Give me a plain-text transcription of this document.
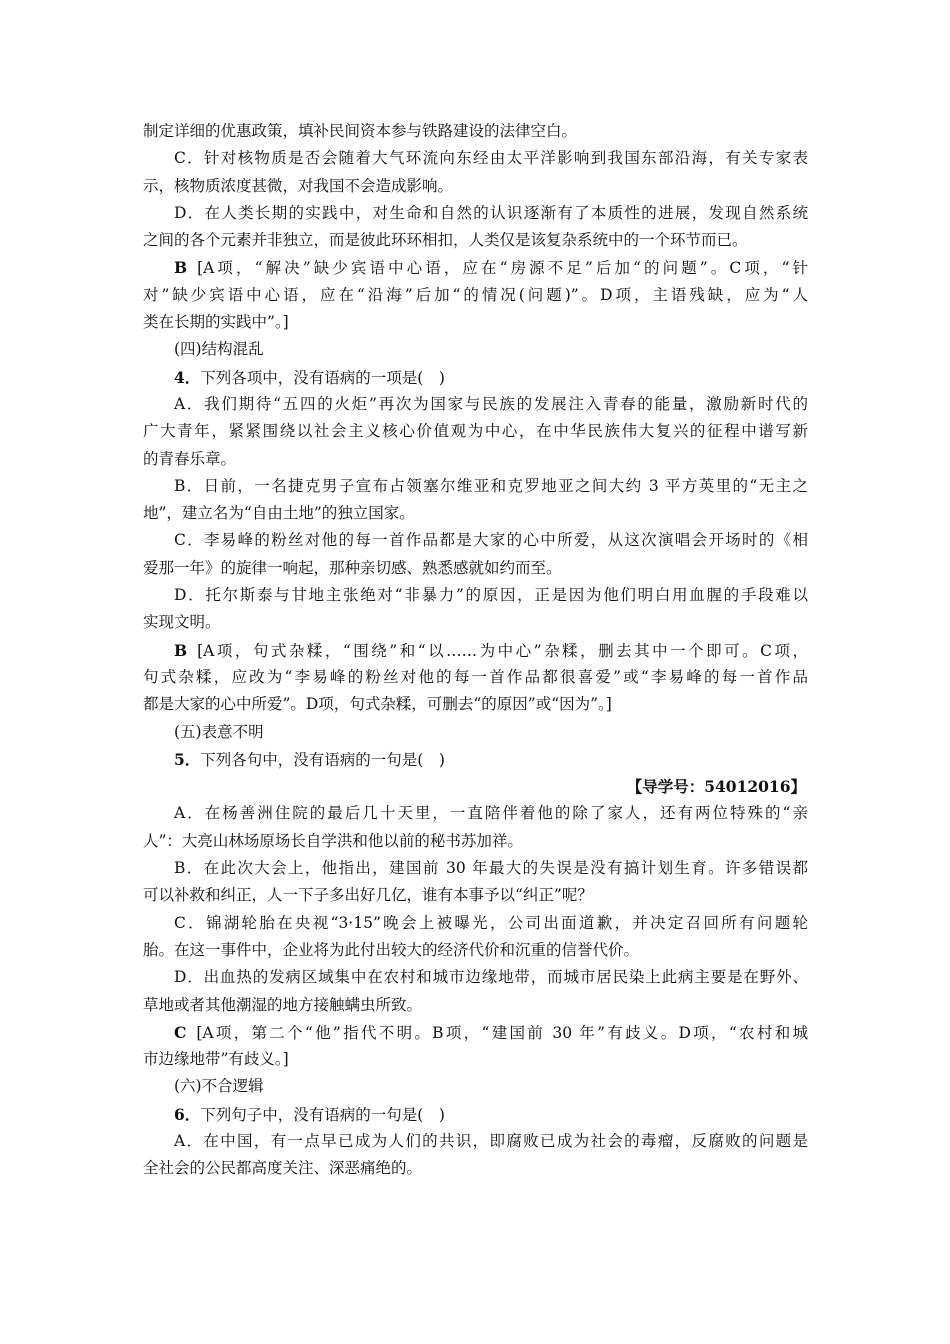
制定详细的优惠政策，填补民间资本参与铁路建设的法律空白。
C．针对核物质是否会随着大气环流向东经由太平洋影响到我国东部沿海，有关专家表
示，核物质浓度甚微，对我国不会造成影响。
D．在人类长期的实践中，对生命和自然的认识逐渐有了本质性的进展，发现自然系统
之间的各个元素并非独立，而是彼此环环相扣，人类仅是该复杂系统中的一个环节而已。
B [A项，“解决”缺少宾语中心语，应在“房源不足”后加“的问题”。C项，“针
对”缺少宾语中心语，应在“沿海”后加“的情况(问题)”。D项，主语残缺，应为“人
类在长期的实践中”。]
(四)结构混乱
4．下列各项中，没有语病的一项是(　)
A．我们期待“五四的火炬”再次为国家与民族的发展注入青春的能量，激励新时代的
广大青年，紧紧围绕以社会主义核心价值观为中心，在中华民族伟大复兴的征程中谱写新
的青春乐章。
B．日前，一名捷克男子宣布占领塞尔维亚和克罗地亚之间大约 3 平方英里的“无主之
地”，建立名为“自由土地”的独立国家。
C．李易峰的粉丝对他的每一首作品都是大家的心中所爱，从这次演唱会开场时的《相
爱那一年》的旋律一响起，那种亲切感、熟悉感就如约而至。
D．托尔斯泰与甘地主张绝对“非暴力”的原因，正是因为他们明白用血腥的手段难以
实现文明。
B [A项，句式杂糅，“围绕”和“以……为中心”杂糅，删去其中一个即可。C项，
句式杂糅，应改为“李易峰的粉丝对他的每一首作品都很喜爱”或“李易峰的每一首作品
都是大家的心中所爱”。D项，句式杂糅，可删去“的原因”或“因为”。]
(五)表意不明
5．下列各句中，没有语病的一句是(　)
【导学号：54012016】
A．在杨善洲住院的最后几十天里，一直陪伴着他的除了家人，还有两位特殊的“亲
人”：大亮山林场原场长自学洪和他以前的秘书苏加祥。
B．在此次大会上，他指出，建国前 30 年最大的失误是没有搞计划生育。许多错误都
可以补救和纠正，人一下子多出好几亿，谁有本事予以“纠正”呢？
C．锦湖轮胎在央视“3·15”晚会上被曝光，公司出面道歉，并决定召回所有问题轮
胎。在这一事件中，企业将为此付出较大的经济代价和沉重的信誉代价。
D．出血热的发病区域集中在农村和城市边缘地带，而城市居民染上此病主要是在野外、
草地或者其他潮湿的地方接触螨虫所致。
C [A项，第二个“他”指代不明。B项，“建国前 30 年”有歧义。D项，“农村和城
市边缘地带”有歧义。]
(六)不合逻辑
6．下列句子中，没有语病的一句是(　)
A．在中国，有一点早已成为人们的共识，即腐败已成为社会的毒瘤，反腐败的问题是
全社会的公民都高度关注、深恶痛绝的。
